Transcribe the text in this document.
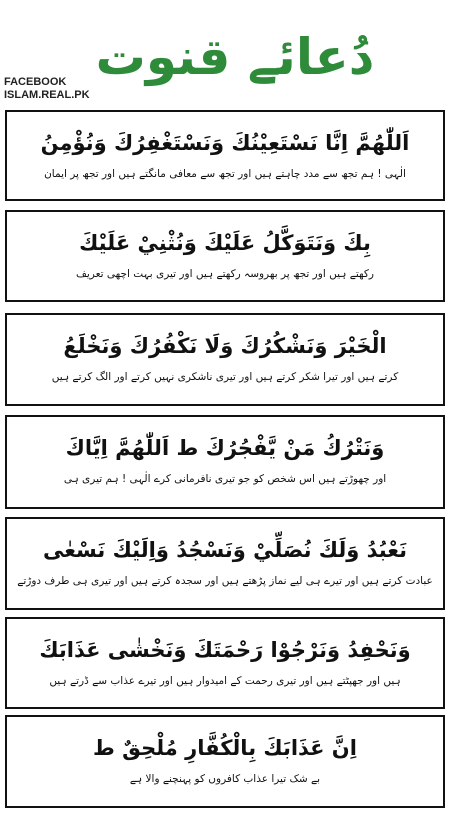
دُعائے قنوت
FACEBOOK
ISLAM.REAL.PK
اَللّٰهُمَّ اِنَّا نَسْتَعِيْنُكَ وَنَسْتَغْفِرُكَ وَنُؤْمِنُ
الٰہی ! ہم تجھ سے مدد چاہتے ہیں اور تجھ سے معافی مانگتے ہیں اور تجھ پر ایمان
بِكَ وَنَتَوَكَّلُ عَلَيْكَ وَنُثْنِيْ عَلَيْكَ
رکھتے ہیں اور تجھ پر بھروسہ رکھتے ہیں اور تیری بہت اچھی تعریف
الْخَيْرَ وَنَشْكُرُكَ وَلَا نَكْفُرُكَ وَنَخْلَعُ
کرتے ہیں اور تیرا شکر کرتے ہیں اور تیری ناشکری نہیں کرتے اور الگ کرتے ہیں
وَنَتْرُكُ مَنْ يَّفْجُرُكَ ط اَللّٰهُمَّ اِيَّاكَ
اور چھوڑتے ہیں اس شخص کو جو تیری نافرمانی کرے الٰہی ! ہم تیری ہی
نَعْبُدُ وَلَكَ نُصَلِّيْ وَنَسْجُدُ وَاِلَيْكَ نَسْعٰى
عبادت کرتے ہیں اور تیرے ہی لیے نماز پڑھتے ہیں اور سجدہ کرتے ہیں اور تیری ہی طرف دوڑتے
وَنَحْفِدُ وَنَرْجُوْا رَحْمَتَكَ وَنَخْشٰى عَذَابَكَ
ہیں اور جھپٹتے ہیں اور تیری رحمت کے امیدوار ہیں اور تیرے عذاب سے ڈرتے ہیں
اِنَّ عَذَابَكَ بِالْكُفَّارِ مُلْحِقٌ ط
بے شک تیرا عذاب کافروں کو پہنچنے والا ہے
